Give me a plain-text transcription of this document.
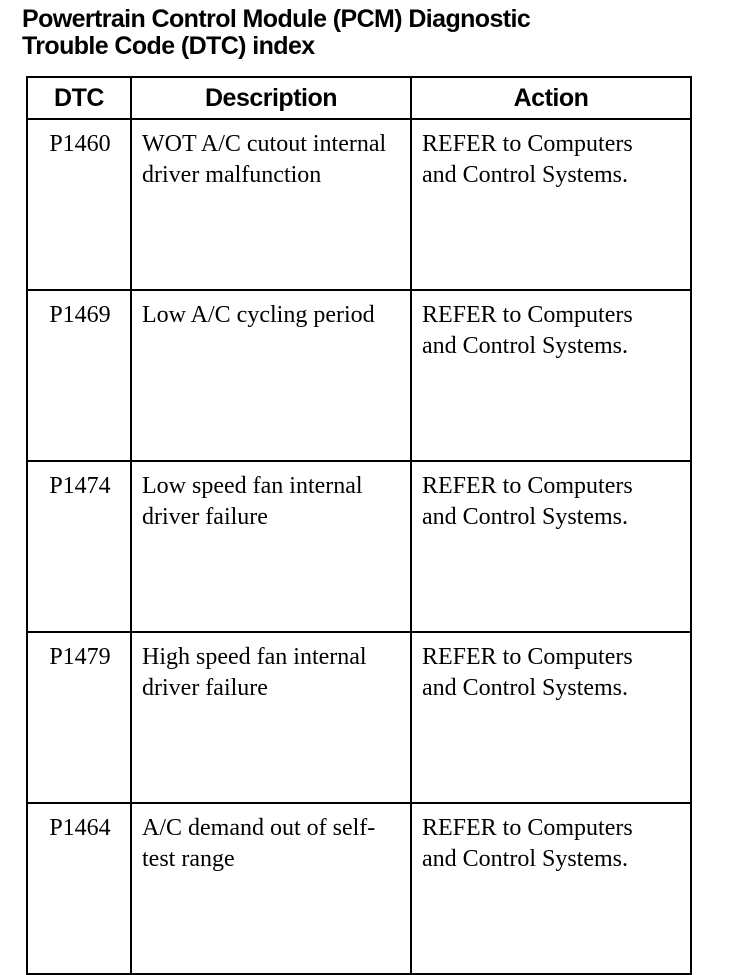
Powertrain Control Module (PCM) Diagnostic
Trouble Code (DTC) index
DTC	Description	Action
P1460	WOT A/C cutout internal driver malfunction	REFER to Computers
and Control Systems.
P1469	Low A/C cycling period	REFER to Computers
and Control Systems.
P1474	Low speed fan internal driver failure	REFER to Computers
and Control Systems.
P1479	High speed fan internal driver failure	REFER to Computers
and Control Systems.
P1464	A/C demand out of self-test range	REFER to Computers
and Control Systems.
